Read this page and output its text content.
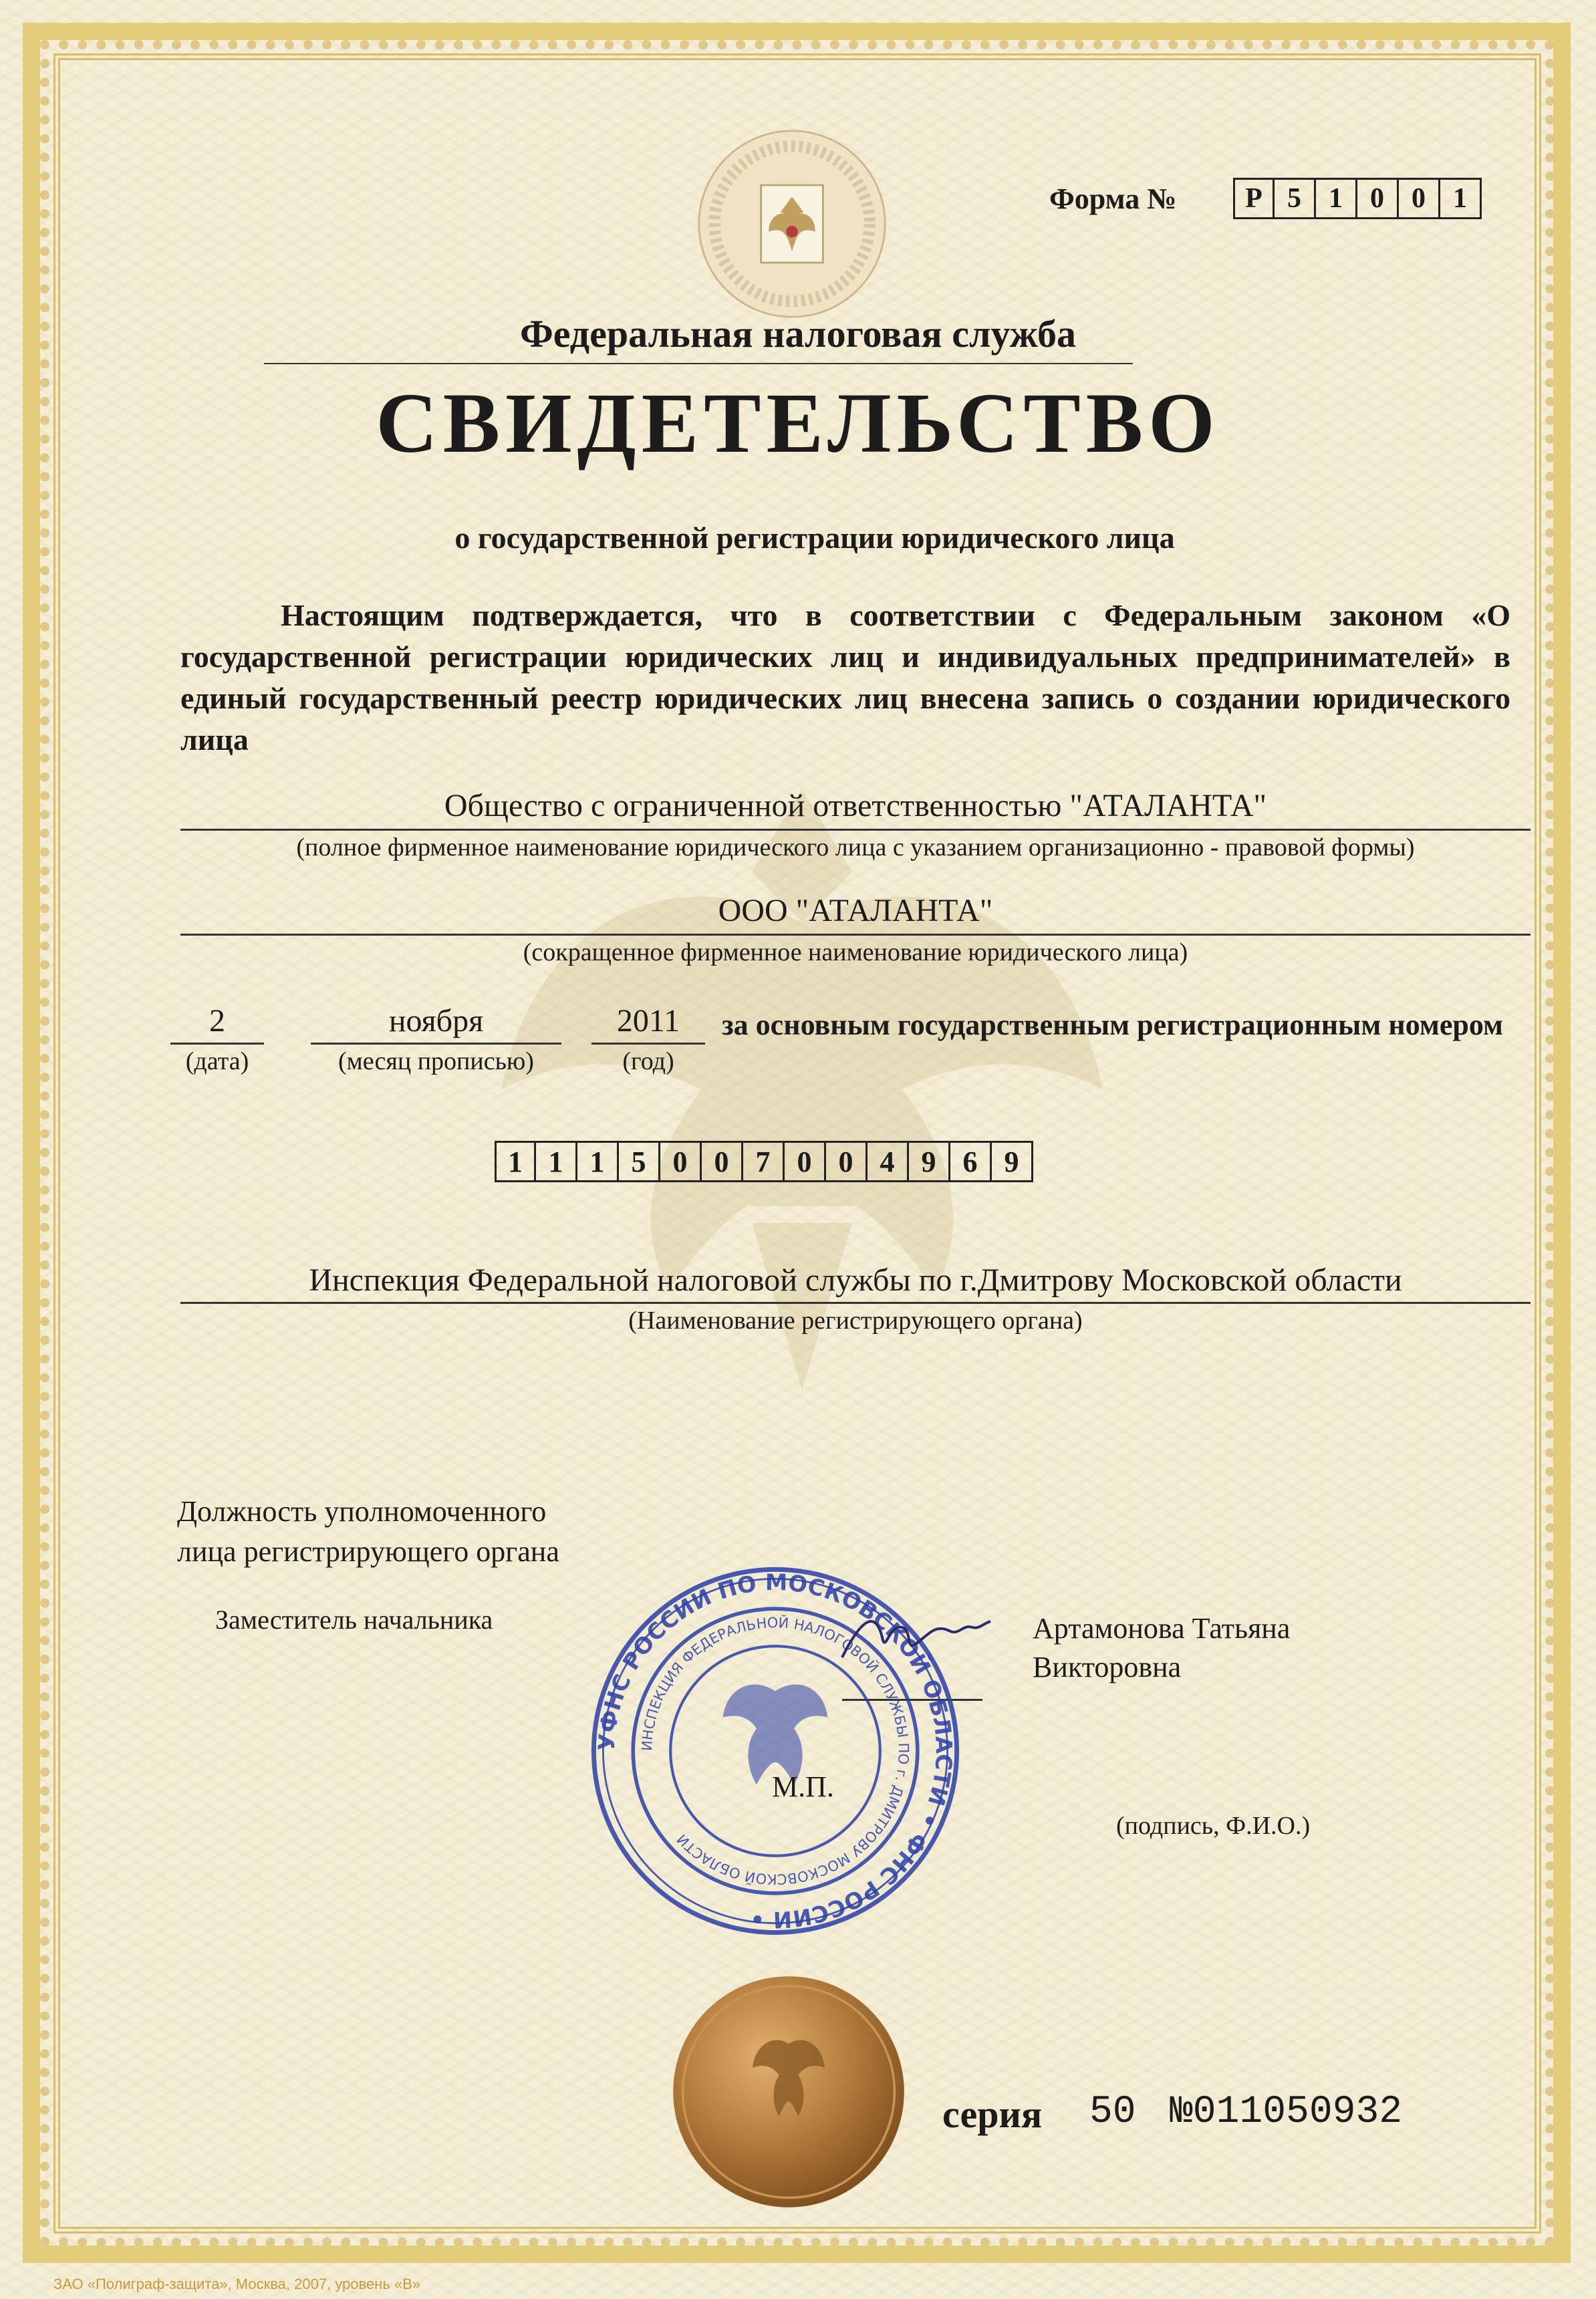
Форма №	Р 5 1 0 0 1
Федеральная налоговая служба
СВИДЕТЕЛЬСТВО
о государственной регистрации юридического лица
Настоящим подтверждается, что в соответствии с Федеральным законом «О государственной регистрации юридических лиц и индивидуальных предпринимателей» в единый государственный реестр юридических лиц внесена запись о создании юридического лица
Общество с ограниченной ответственностью "АТАЛАНТА"
(полное фирменное наименование юридического лица с указанием организационно - правовой формы)
ООО "АТАЛАНТА"
(сокращенное фирменное наименование юридического лица)
2
(дата)
ноября
(месяц прописью)
2011
(год)
за основным государственным регистрационным номером
1 1 1 5 0 0 7 0 0 4 9 6 9
Инспекция Федеральной налоговой службы по г.Дмитрову Московской области
(Наименование регистрирующего органа)
Должность уполномоченного
лица регистрирующего органа
Заместитель начальника	Артамонова Татьяна
Викторовна
УФНС РОССИИ ПО МОСКОВСКОЙ ОБЛАСТИ • ФНС РОССИИ •
ИНСПЕКЦИЯ ФЕДЕРАЛЬНОЙ НАЛОГОВОЙ СЛУЖБЫ ПО г. ДМИТРОВУ МОСКОВСКОЙ ОБЛАСТИ
М.П.
(подпись, Ф.И.О.)
серия 50 №011050932
ЗАО «Полиграф-защита», Москва, 2007, уровень «В»
